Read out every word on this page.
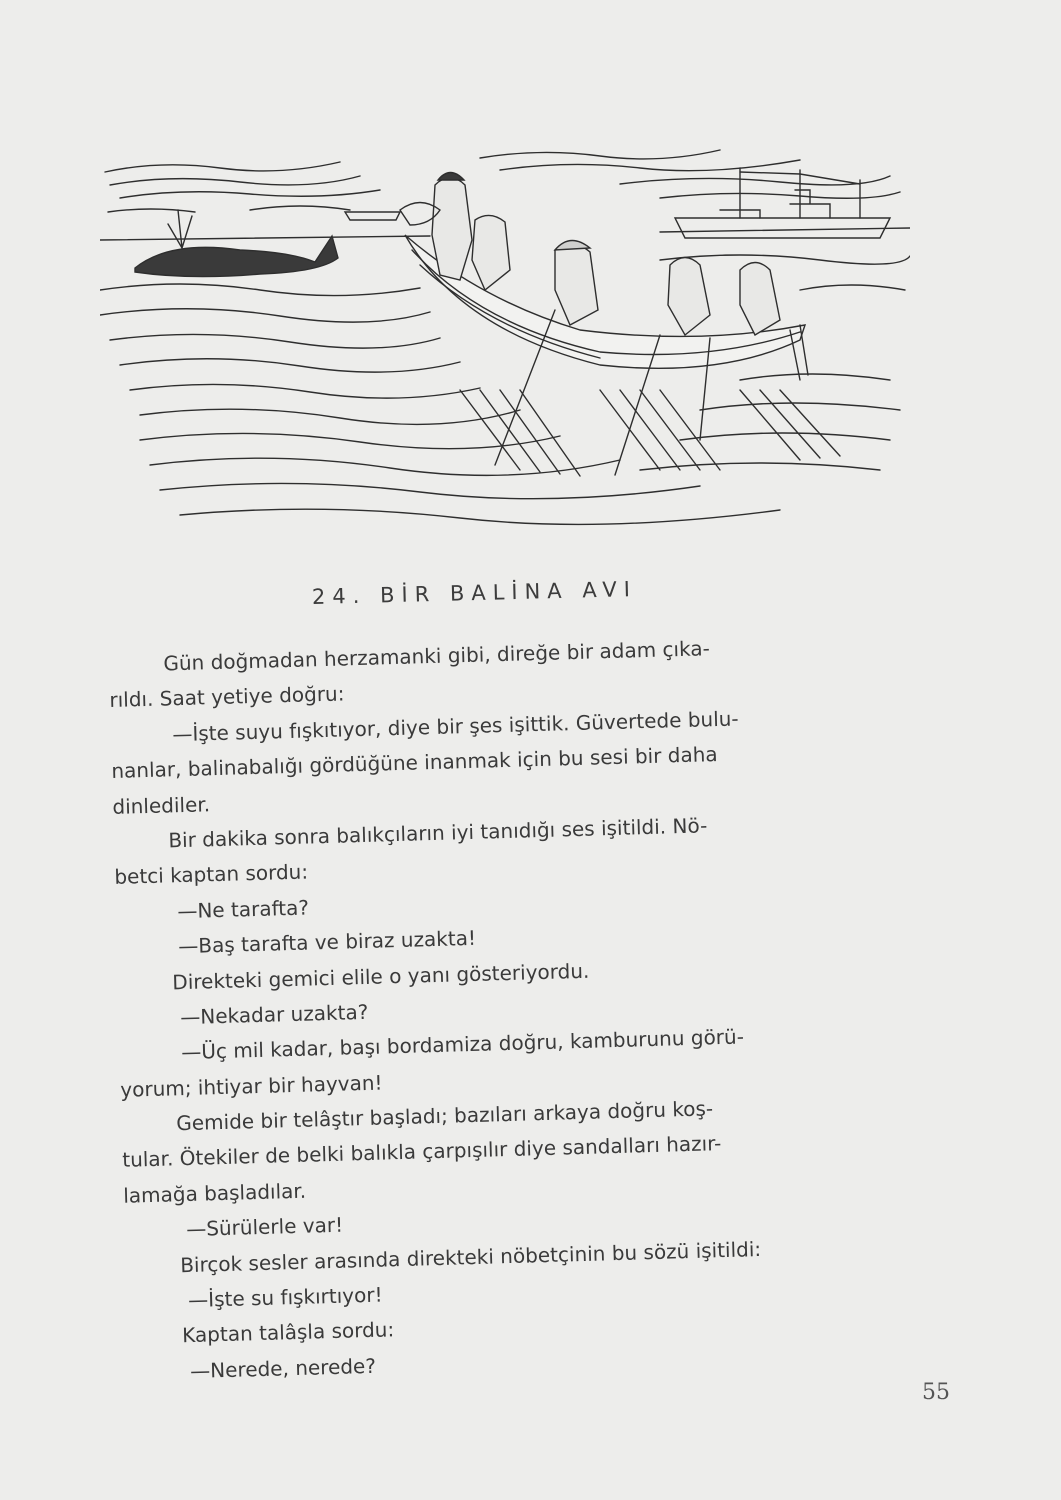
24. BİR BALİNA AVI
Gün doğmadan herzamanki gibi, direğe bir adam çıka-
rıldı. Saat yetiye doğru:
—İşte suyu fışkıtıyor, diye bir şes işittik. Güvertede bulu-
nanlar, balinabalığı gördüğüne inanmak için bu sesi bir daha
dinlediler.
Bir dakika sonra balıkçıların iyi tanıdığı ses işitildi. Nö-
betci kaptan sordu:
—Ne tarafta?
—Baş tarafta ve biraz uzakta!
Direkteki gemici elile o yanı gösteriyordu.
—Nekadar uzakta?
—Üç mil kadar, başı bordamiza doğru, kamburunu görü-
yorum; ihtiyar bir hayvan!
Gemide bir telâştır başladı; bazıları arkaya doğru koş-
tular. Ötekiler de belki balıkla çarpışılır diye sandalları hazır-
lamağa başladılar.
—Sürülerle var!
Birçok sesler arasında direkteki nöbetçinin bu sözü işitildi:
—İşte su fışkırtıyor!
Kaptan talâşla sordu:
—Nerede, nerede?
55
